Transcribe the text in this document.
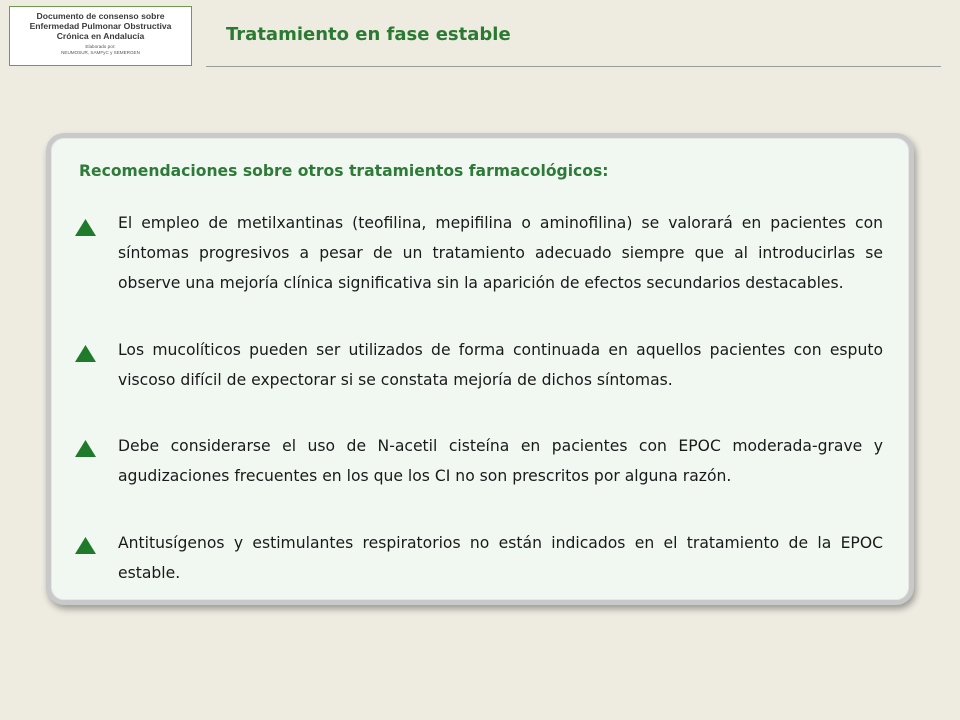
Documento de consenso sobre
Enfermedad Pulmonar Obstructiva
Crónica en Andalucía
Elaborado por:
NEUMOSUR, SAMFyC y SEMERGEN
Tratamiento en fase estable
Recomendaciones sobre otros tratamientos farmacológicos:

El empleo de metilxantinas (teofilina, mepifilina o aminofilina) se valorará en pacientes con síntomas progresivos a pesar de un tratamiento adecuado siempre que al introducirlas se observe una mejoría clínica significativa sin la aparición de efectos secundarios destacables.

Los mucolíticos pueden ser utilizados de forma continuada en aquellos pacientes con esputo viscoso difícil de expectorar si se constata mejoría de dichos síntomas.

Debe considerarse el uso de N-acetil cisteína en pacientes con EPOC moderada-grave y agudizaciones frecuentes en los que los CI no son prescritos por alguna razón.

Antitusígenos y estimulantes respiratorios no están indicados en el tratamiento de la EPOC estable.
